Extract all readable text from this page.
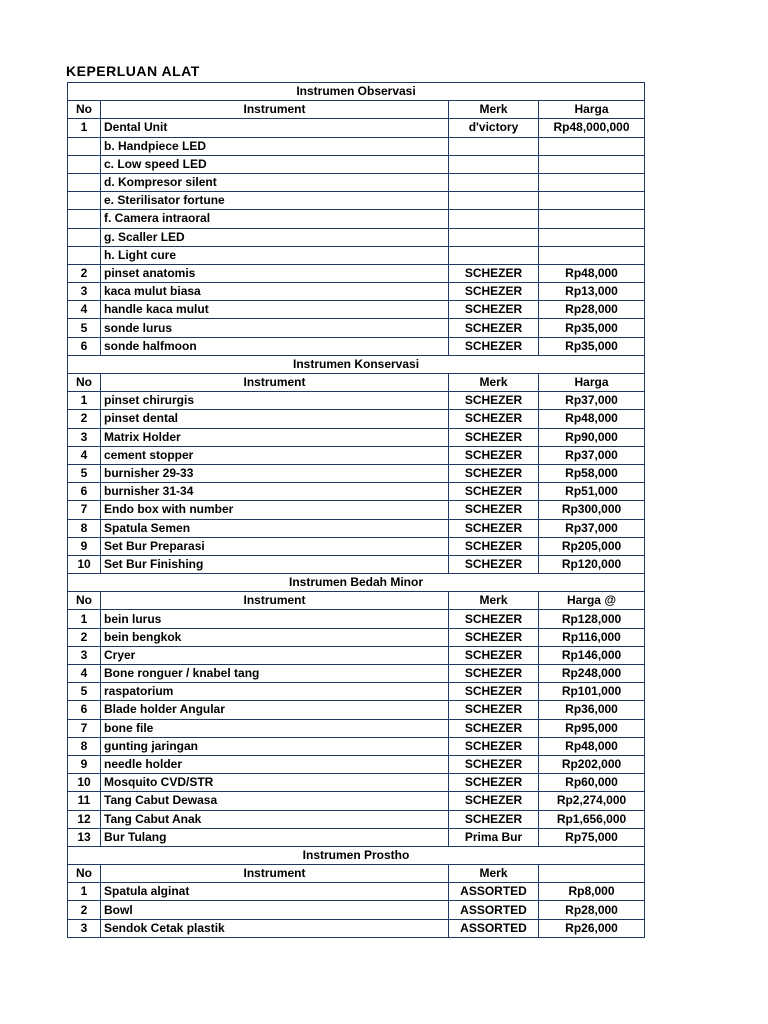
KEPERLUAN ALAT
Instrumen Observasi			
No	Instrument	Merk	Harga
1	Dental Unit	d'victory	Rp48,000,000
	b. Handpiece LED		
	c. Low speed LED		
	d. Kompresor silent		
	e. Sterilisator fortune		
	f. Camera intraoral		
	g. Scaller LED		
	h. Light cure		
2	pinset anatomis	SCHEZER	Rp48,000
3	kaca mulut biasa	SCHEZER	Rp13,000
4	handle kaca mulut	SCHEZER	Rp28,000
5	sonde lurus	SCHEZER	Rp35,000
6	sonde halfmoon	SCHEZER	Rp35,000
Instrumen Konservasi			
No	Instrument	Merk	Harga
1	pinset chirurgis	SCHEZER	Rp37,000
2	pinset dental	SCHEZER	Rp48,000
3	Matrix Holder	SCHEZER	Rp90,000
4	cement stopper	SCHEZER	Rp37,000
5	burnisher 29-33	SCHEZER	Rp58,000
6	burnisher 31-34	SCHEZER	Rp51,000
7	Endo box with number	SCHEZER	Rp300,000
8	Spatula Semen	SCHEZER	Rp37,000
9	Set Bur Preparasi	SCHEZER	Rp205,000
10	Set Bur Finishing	SCHEZER	Rp120,000
Instrumen Bedah Minor			
No	Instrument	Merk	Harga @
1	bein lurus	SCHEZER	Rp128,000
2	bein bengkok	SCHEZER	Rp116,000
3	Cryer	SCHEZER	Rp146,000
4	Bone ronguer / knabel tang	SCHEZER	Rp248,000
5	raspatorium	SCHEZER	Rp101,000
6	Blade holder Angular	SCHEZER	Rp36,000
7	bone file	SCHEZER	Rp95,000
8	gunting jaringan	SCHEZER	Rp48,000
9	needle holder	SCHEZER	Rp202,000
10	Mosquito CVD/STR	SCHEZER	Rp60,000
11	Tang Cabut Dewasa	SCHEZER	Rp2,274,000
12	Tang Cabut Anak	SCHEZER	Rp1,656,000
13	Bur Tulang	Prima Bur	Rp75,000
Instrumen Prostho			
No	Instrument	Merk	
1	Spatula alginat	ASSORTED	Rp8,000
2	Bowl	ASSORTED	Rp28,000
3	Sendok Cetak plastik	ASSORTED	Rp26,000
